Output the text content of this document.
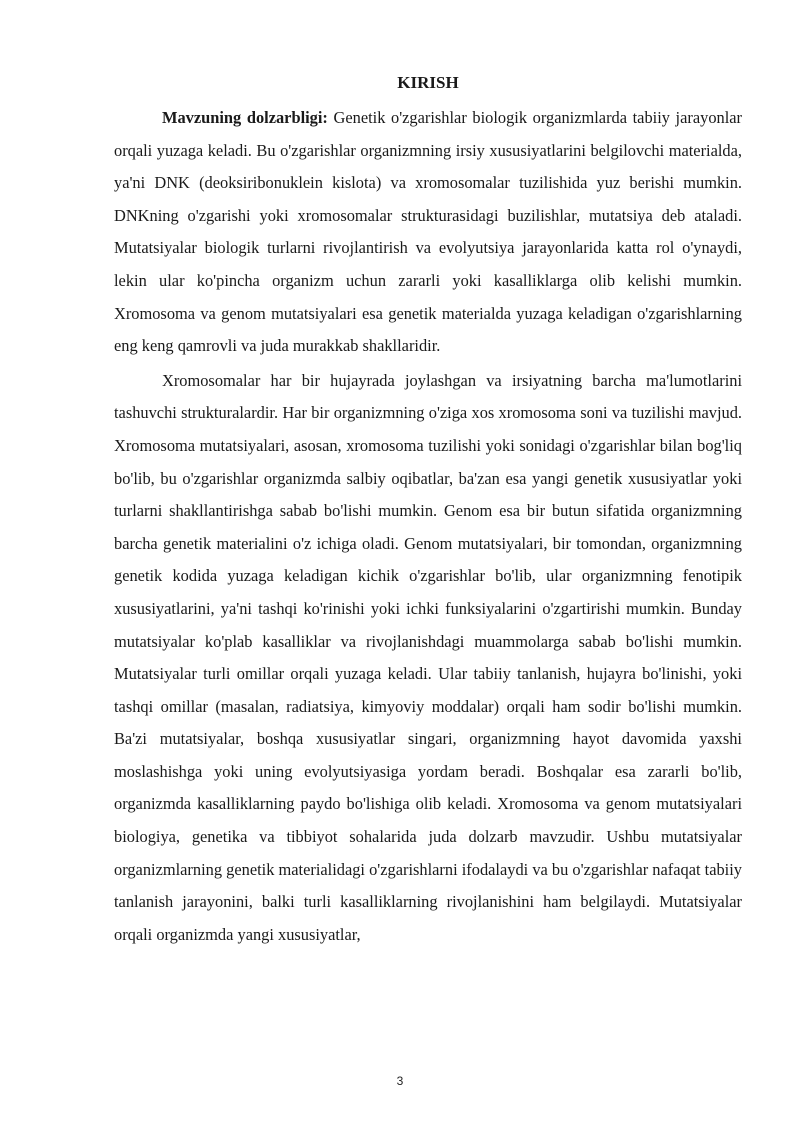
KIRISH

Mavzuning dolzarbligi: Genetik o'zgarishlar biologik organizmlarda tabiiy jarayonlar orqali yuzaga keladi. Bu o'zgarishlar organizmning irsiy xususiyatlarini belgilovchi materialda, ya'ni DNK (deoksiribonuklein kislota) va xromosomalar tuzilishida yuz berishi mumkin. DNKning o'zgarishi yoki xromosomalar strukturasidagi buzilishlar, mutatsiya deb ataladi. Mutatsiyalar biologik turlarni rivojlantirish va evolyutsiya jarayonlarida katta rol o'ynaydi, lekin ular ko'pincha organizm uchun zararli yoki kasalliklarga olib kelishi mumkin. Xromosoma va genom mutatsiyalari esa genetik materialda yuzaga keladigan o'zgarishlarning eng keng qamrovli va juda murakkab shakllaridir.

Xromosomalar har bir hujayrada joylashgan va irsiyatning barcha ma'lumotlarini tashuvchi strukturalardir. Har bir organizmning o'ziga xos xromosoma soni va tuzilishi mavjud. Xromosoma mutatsiyalari, asosan, xromosoma tuzilishi yoki sonidagi o'zgarishlar bilan bog'liq bo'lib, bu o'zgarishlar organizmda salbiy oqibatlar, ba'zan esa yangi genetik xususiyatlar yoki turlarni shakllantirishga sabab bo'lishi mumkin. Genom esa bir butun sifatida organizmning barcha genetik materialini o'z ichiga oladi. Genom mutatsiyalari, bir tomondan, organizmning genetik kodida yuzaga keladigan kichik o'zgarishlar bo'lib, ular organizmning fenotipik xususiyatlarini, ya'ni tashqi ko'rinishi yoki ichki funksiyalarini o'zgartirishi mumkin. Bunday mutatsiyalar ko'plab kasalliklar va rivojlanishdagi muammolarga sabab bo'lishi mumkin. Mutatsiyalar turli omillar orqali yuzaga keladi. Ular tabiiy tanlanish, hujayra bo'linishi, yoki tashqi omillar (masalan, radiatsiya, kimyoviy moddalar) orqali ham sodir bo'lishi mumkin. Ba'zi mutatsiyalar, boshqa xususiyatlar singari, organizmning hayot davomida yaxshi moslashishga yoki uning evolyutsiyasiga yordam beradi. Boshqalar esa zararli bo'lib, organizmda kasalliklarning paydo bo'lishiga olib keladi. Xromosoma va genom mutatsiyalari biologiya, genetika va tibbiyot sohalarida juda dolzarb mavzudir. Ushbu mutatsiyalar organizmlarning genetik materialidagi o'zgarishlarni ifodalaydi va bu o'zgarishlar nafaqat tabiiy tanlanish jarayonini, balki turli kasalliklarning rivojlanishini ham belgilaydi. Mutatsiyalar orqali organizmda yangi xususiyatlar,

3
